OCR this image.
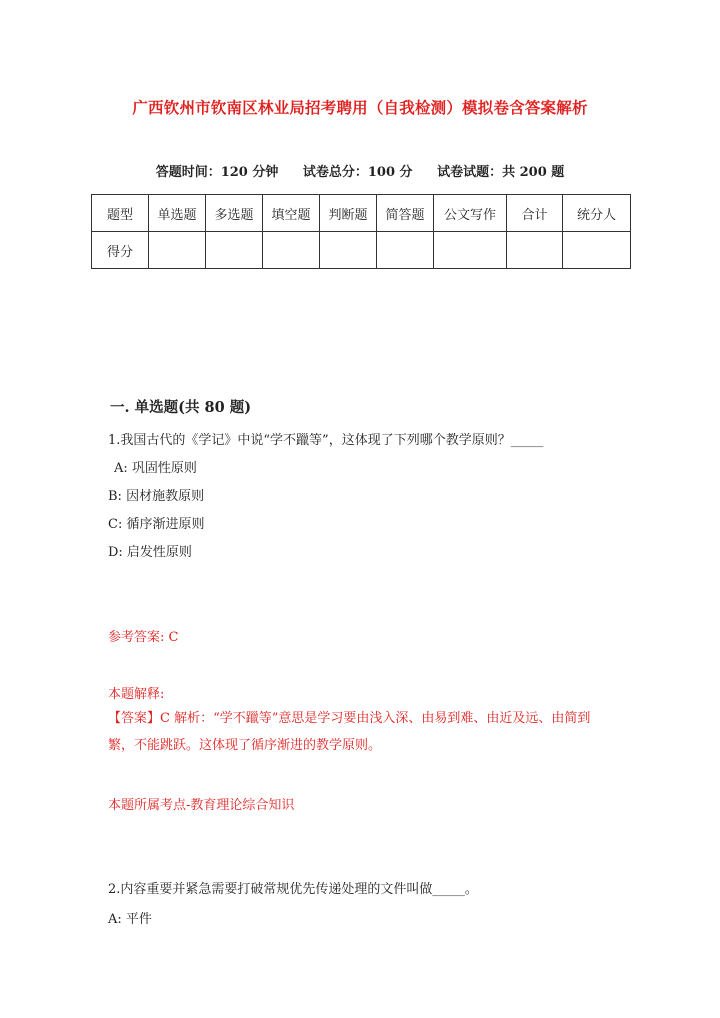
广西钦州市钦南区林业局招考聘用（自我检测）模拟卷含答案解析
答题时间：120 分钟 试卷总分：100 分 试卷试题：共 200 题
题型	单选题	多选题	填空题	判断题	简答题	公文写作	合计	统分人
得分								
一. 单选题(共 80 题)
1.我国古代的《学记》中说“学不躐等”，这体现了下列哪个教学原则？_____
A: 巩固性原则
B: 因材施教原则
C: 循序渐进原则
D: 启发性原则
参考答案: C
本题解释:
【答案】C 解析：“学不躐等”意思是学习要由浅入深、由易到难、由近及远、由简到繁，不能跳跃。这体现了循序渐进的教学原则。
本题所属考点-教育理论综合知识
2.内容重要并紧急需要打破常规优先传递处理的文件叫做_____。
A: 平件
